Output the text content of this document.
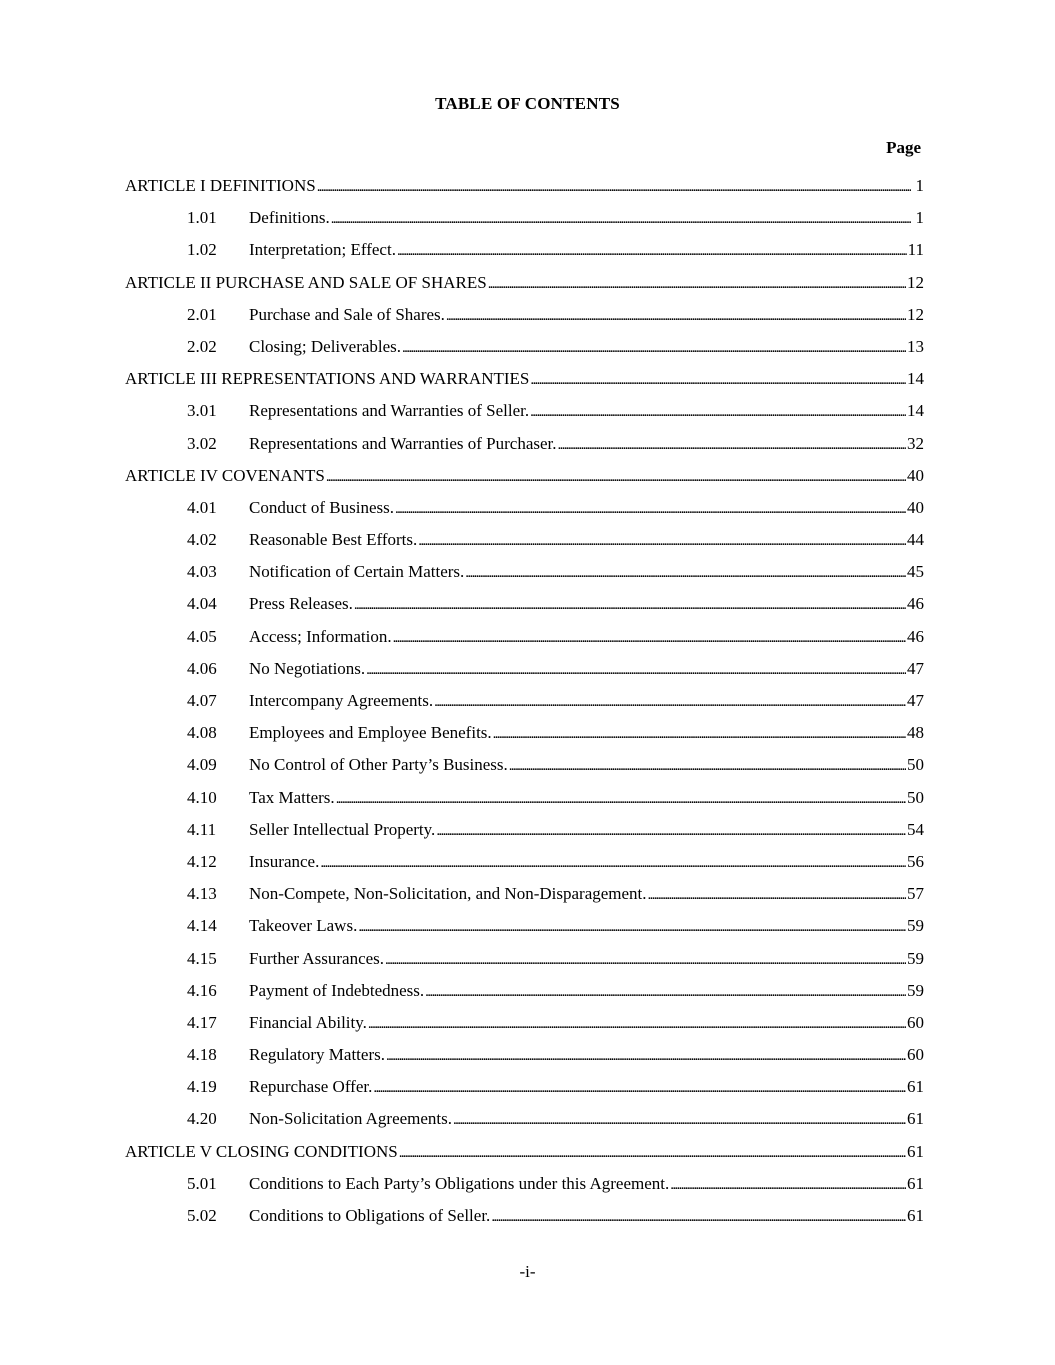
TABLE OF CONTENTS
Page
ARTICLE I DEFINITIONS . . .	1
1.01	Definitions. . . .	1
1.02	Interpretation; Effect. . . .	11
ARTICLE II PURCHASE AND SALE OF SHARES . . .	12
2.01	Purchase and Sale of Shares. . . .	12
2.02	Closing; Deliverables. . . .	13
ARTICLE III REPRESENTATIONS AND WARRANTIES . . .	14
3.01	Representations and Warranties of Seller. . . .	14
3.02	Representations and Warranties of Purchaser. . . .	32
ARTICLE IV COVENANTS . . .	40
4.01	Conduct of Business. . . .	40
4.02	Reasonable Best Efforts. . . .	44
4.03	Notification of Certain Matters. . . .	45
4.04	Press Releases. . . .	46
4.05	Access; Information. . . .	46
4.06	No Negotiations. . . .	47
4.07	Intercompany Agreements. . . .	47
4.08	Employees and Employee Benefits. . . .	48
4.09	No Control of Other Party’s Business. . . .	50
4.10	Tax Matters. . . .	50
4.11	Seller Intellectual Property. . . .	54
4.12	Insurance. . . .	56
4.13	Non-Compete, Non-Solicitation, and Non-Disparagement. . . .	57
4.14	Takeover Laws. . . .	59
4.15	Further Assurances. . . .	59
4.16	Payment of Indebtedness. . . .	59
4.17	Financial Ability. . . .	60
4.18	Regulatory Matters. . . .	60
4.19	Repurchase Offer. . . .	61
4.20	Non-Solicitation Agreements. . . .	61
ARTICLE V CLOSING CONDITIONS . . .	61
5.01	Conditions to Each Party’s Obligations under this Agreement. . . .	61
5.02	Conditions to Obligations of Seller. . . .	61
-i-
